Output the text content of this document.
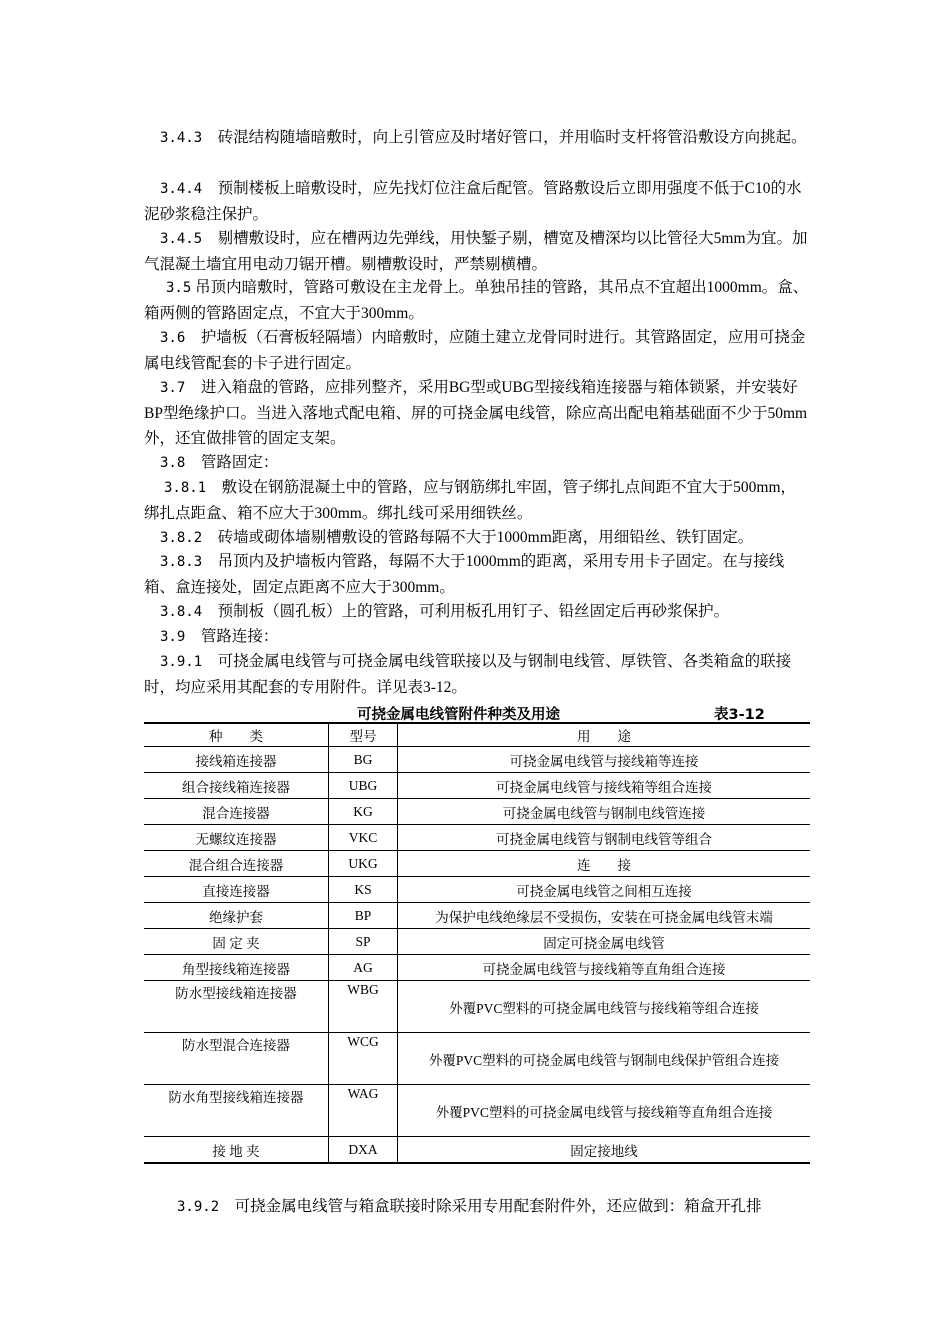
3.4.3　 砖混结构随墙暗敷时，向上引管应及时堵好管口，并用临时支杆将管沿敷设方向挑起。

3.4.4　 预制楼板上暗敷设时，应先找灯位注盒后配管。管路敷设后立即用强度不低于C10的水泥砂浆稳注保护。

3.4.5　 剔槽敷设时，应在槽两边先弹线，用快錾子剔，槽宽及槽深均以比管径大5mm为宜。加气混凝土墙宜用电动刀锯开槽。剔槽敷设时，严禁剔横槽。

3.5 吊顶内暗敷时，管路可敷设在主龙骨上。单独吊挂的管路，其吊点不宜超出1000mm。盒、箱两侧的管路固定点，不宜大于300mm。

3.6　 护墙板（石膏板轻隔墙）内暗敷时，应随土建立龙骨同时进行。其管路固定，应用可挠金属电线管配套的卡子进行固定。

3.7　 进入箱盘的管路，应排列整齐，采用BG型或UBG型接线箱连接器与箱体锁紧，并安装好BP型绝缘护口。当进入落地式配电箱、屏的可挠金属电线管，除应高出配电箱基础面不少于50mm外，还宜做排管的固定支架。

3.8　 管路固定：

3.8.1　 敷设在钢筋混凝土中的管路，应与钢筋绑扎牢固，管子绑扎点间距不宜大于500mm，绑扎点距盒、箱不应大于300mm。绑扎线可采用细铁丝。

3.8.2　 砖墙或砌体墙剔槽敷设的管路每隔不大于1000mm距离，用细铅丝、铁钉固定。

3.8.3　 吊顶内及护墙板内管路，每隔不大于1000mm的距离，采用专用卡子固定。在与接线箱、盒连接处，固定点距离不应大于300mm。

3.8.4　 预制板（圆孔板）上的管路，可利用板孔用钉子、铅丝固定后再砂浆保护。

3.9　 管路连接：

3.9.1　 可挠金属电线管与可挠金属电线管联接以及与钢制电线管、厚铁管、各类箱盒的联接时，均应采用其配套的专用附件。详见表3-12。

可挠金属电线管附件种类及用途	表3-12
种　　类	型号	用　　途
接线箱连接器	BG	可挠金属电线管与接线箱等连接
组合接线箱连接器	UBG	可挠金属电线管与接线箱等组合连接
混合连接器	KG	可挠金属电线管与钢制电线管连接
无螺纹连接器	VKC	可挠金属电线管与钢制电线管等组合
混合组合连接器	UKG	连　　接
直接连接器	KS	可挠金属电线管之间相互连接
绝缘护套	BP	为保护电线绝缘层不受损伤，安装在可挠金属电线管末端
固 定 夹	SP	固定可挠金属电线管
角型接线箱连接器	AG	可挠金属电线管与接线箱等直角组合连接
防水型接线箱连接器	WBG	外覆PVC塑料的可挠金属电线管与接线箱等组合连接
防水型混合连接器	WCG	外覆PVC塑料的可挠金属电线管与钢制电线保护管组合连接
防水角型接线箱连接器	WAG	外覆PVC塑料的可挠金属电线管与接线箱等直角组合连接
接 地 夹	DXA	固定接地线

3.9.2　 可挠金属电线管与箱盒联接时除采用专用配套附件外，还应做到：箱盒开孔排
